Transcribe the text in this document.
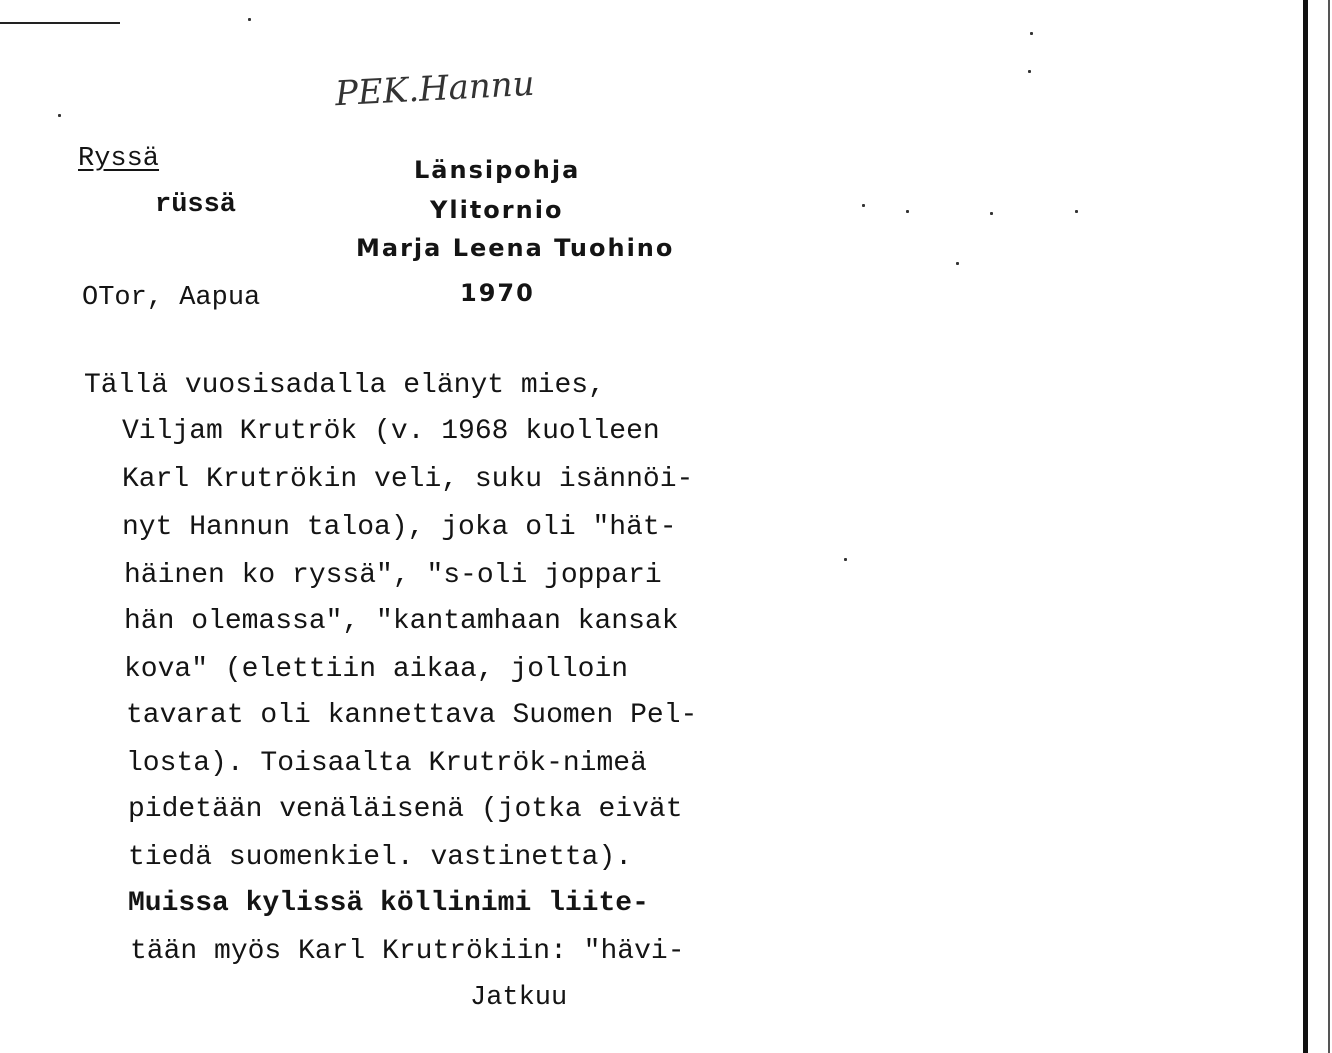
PEK.Hannu
Ryssä
rüssä
OTor, Aapua
Länsipohja
Ylitornio
Marja Leena Tuohino
1970
Tällä vuosisadalla elänyt mies,
Viljam Krutrök (v. 1968 kuolleen
Karl Krutrökin veli, suku isännöi-
nyt Hannun taloa), joka oli "hät-
häinen ko ryssä", "s-oli joppari
hän olemassa", "kantamhaan kansak
kova" (elettiin aikaa, jolloin
tavarat oli kannettava Suomen Pel-
losta). Toisaalta Krutrök-nimeä
pidetään venäläisenä (jotka eivät
tiedä suomenkiel. vastinetta).
Muissa kylissä köllinimi liite-
tään myös Karl Krutrökiin: "hävi-
Jatkuu
